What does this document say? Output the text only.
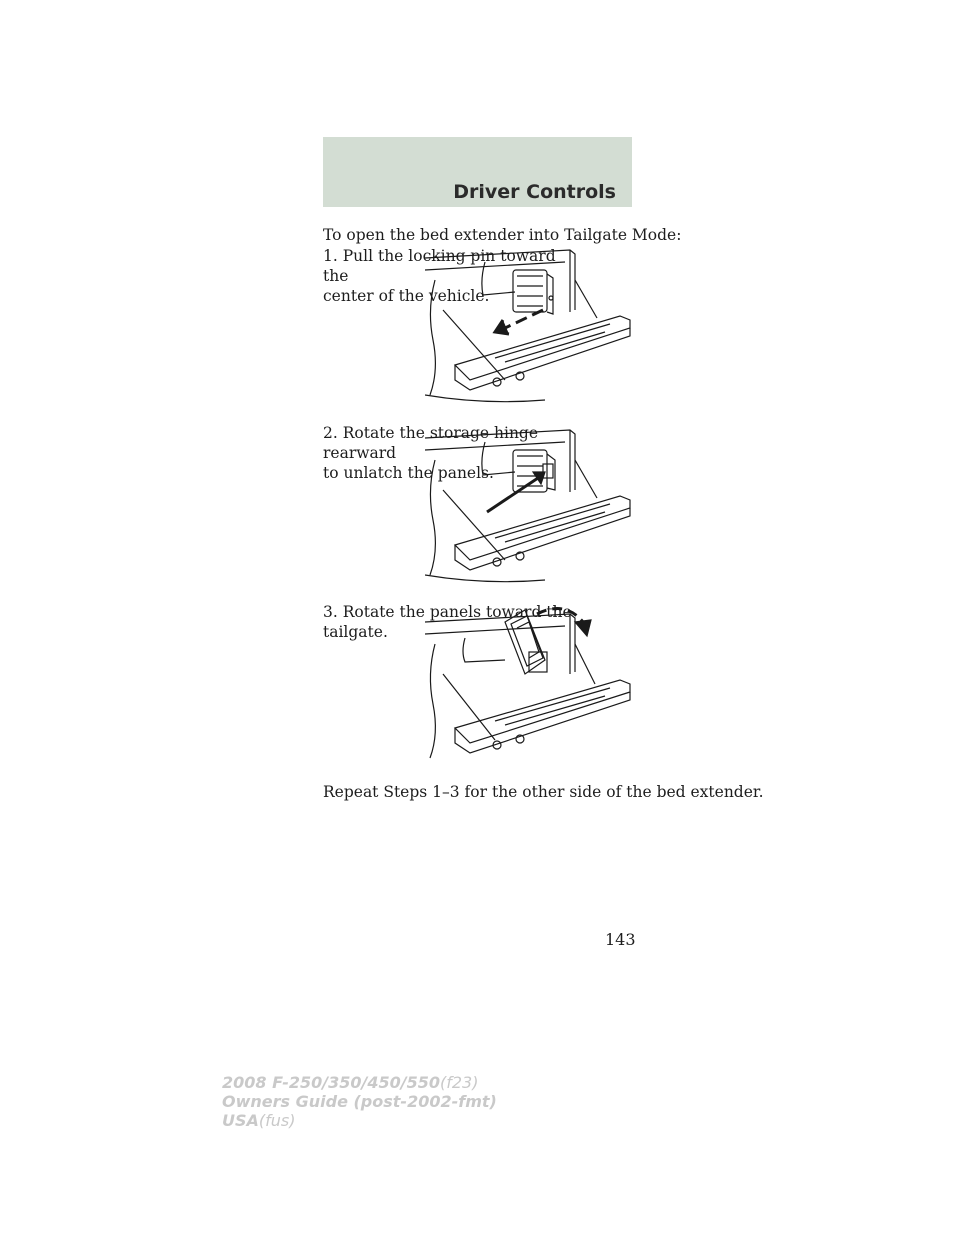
Driver Controls
To open the bed extender into Tailgate Mode:
1. Pull the locking pin toward the
center of the vehicle.
2. Rotate the storage hinge rearward
to unlatch the panels.
3. Rotate the panels toward the
tailgate.
Repeat Steps 1–3 for the other side of the bed extender.
143
2008 F-250/350/450/550(f23)
Owners Guide (post-2002-fmt)
USA(fus)
